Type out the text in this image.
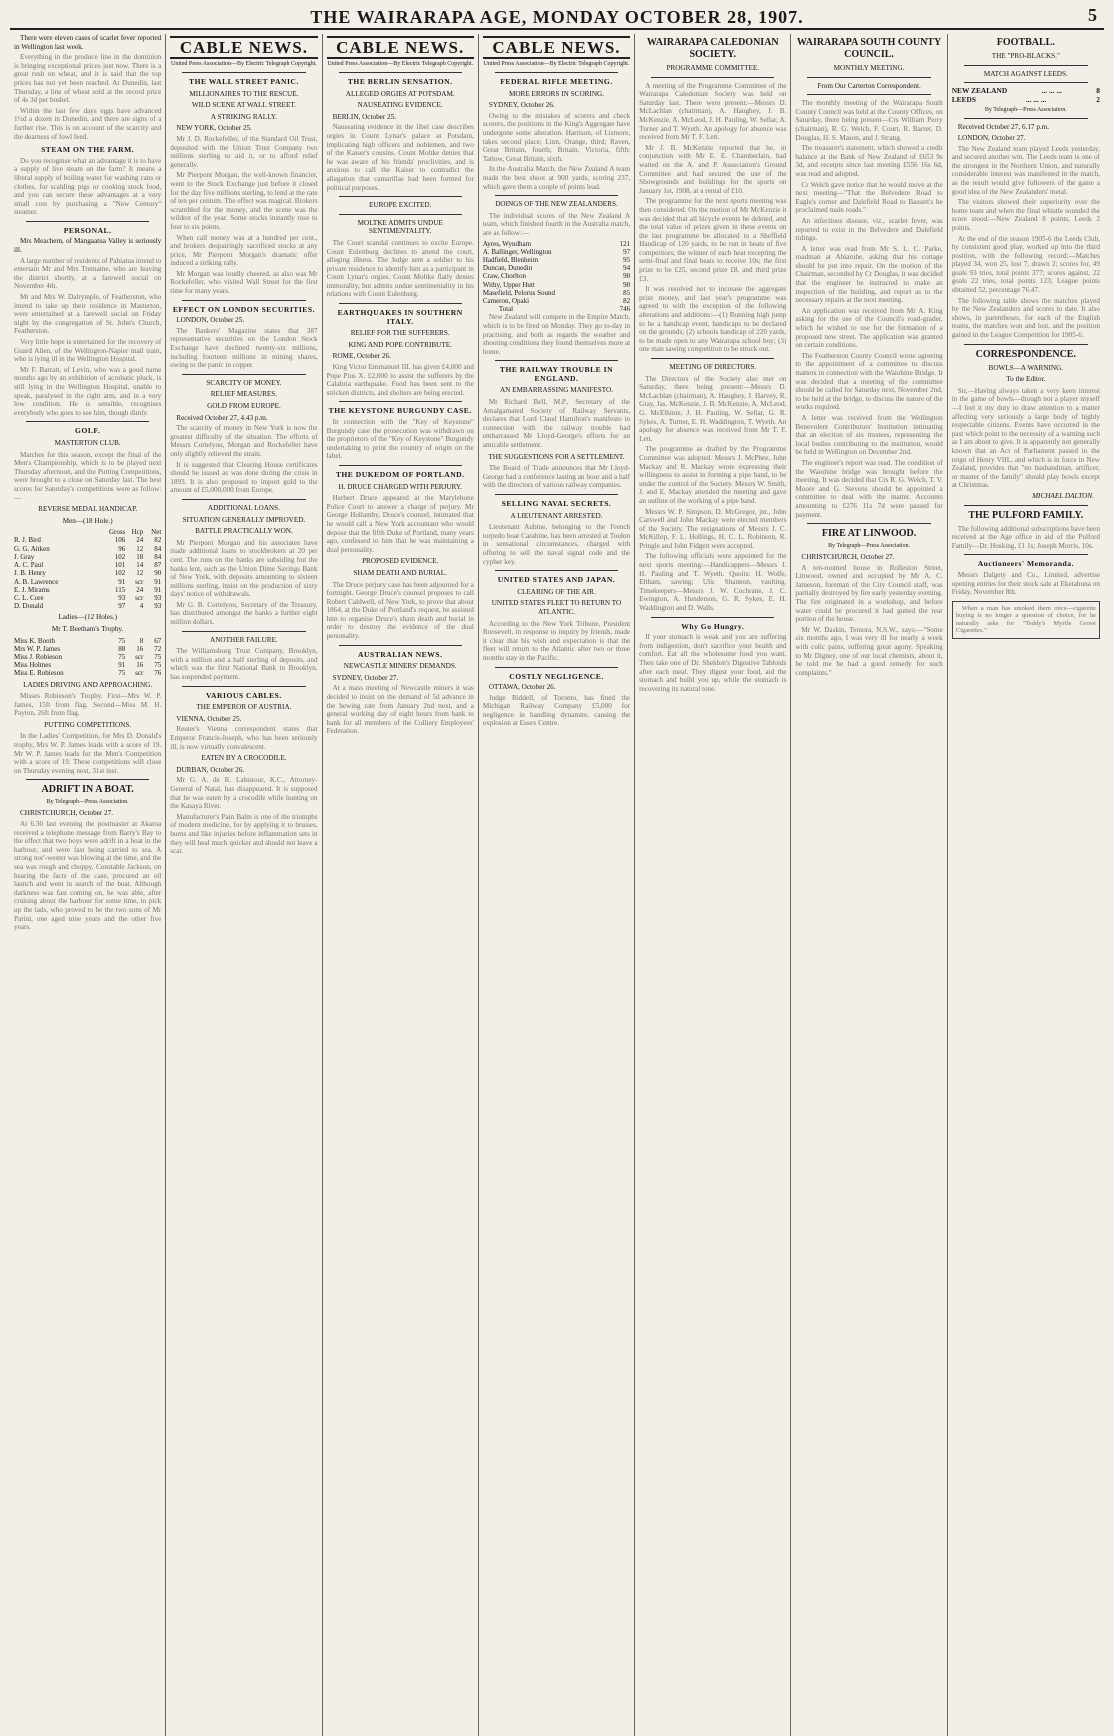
THE WAIRARAPA AGE, MONDAY OCTOBER 28, 1907.	5

There were eleven cases of scarlet fever reported in Wellington last week.

Everything in the produce line in the dominion is bringing exceptional prices just now. There is a great rush on wheat, and it is said that the top prices has not yet been reached. At Dunedin, last Thursday, a line of wheat sold at the record price of 4s 3d per bushel.

Within the last few days eggs have advanced 1½d a dozen in Dunedin, and there are signs of a further rise. This is on account of the scarcity and the dearness of fowl feed.

STEAM ON THE FARM.

Do you recognise what an advantage it is to have a supply of live steam on the farm? It means a liberal supply of boiling water for washing cans or clothes, for scalding pigs or cooking stock food, and you can secure these advantages at a very small cost by purchasing a "New Century" steamer.

PERSONAL.

Mrs Meachem, of Mangaatua Valley is seriously ill.

A large number of residents of Pahiatua intend to entertain Mr and Mrs Tremaine, who are leaving the district shortly, at a farewell social on November 4th.

Mr and Mrs W. Dalrymple, of Featherston, who intend to take up their residence in Masterton, were entertained at a farewell social on Friday night by the congregation of St. John's Church, Featherston.

Very little hope is entertained for the recovery of Guard Allen, of the Wellington-Napier mail train, who is lying ill in the Wellington Hospital.

Mr F. Barratt, of Levin, who was a good name months ago by an exhibition of acrobatic pluck, is still lying in the Wellington Hospital, unable to speak, paralysed in the right arm, and in a very low condition. He is sensible, recognises everybody who goes to see him, though dimly.

GOLF.
MASTERTON CLUB.

Matches for this season, except the final of the Men's Championship, which is to be played next Thursday afternoon, and the Putting Competitions, were brought to a close on Saturday last. The best scores for Saturday's competitions were as follow:—

REVERSE MEDAL HANDICAP.
Men—(18 Hole.)
	Gross	Hcp	Net
R. J. Bird	106	24	82
G. G. Aitken	96	12	84
J. Gray	102	18	84
A. C. Paul	101	14	87
J. B. Henry	102	12	90
A. B. Lawrence	91	scr	91
E. J. Mirams	115	24	91
C. L. Core	93	scr	93
D. Donald	97	4	93
Ladies—(12 Holes.)
Mr T. Beetham's Trophy.
Miss K. Booth	75	8	67
Mrs W. P. James	88	16	72
Miss J. Robieson	75	scr	75
Miss Holmes	91	16	75
Miss E. Robieson	75	scr	76
LADIES DRIVING AND APPROACHING.

Misses Robieson's Trophy. First—Mrs W. P. James, 15ft from flag. Second—Miss M. H. Payton, 26ft from flag.

PUTTING COMPETITIONS.

In the Ladies' Competition, for Mrs D. Donald's trophy, Mrs W. P. James leads with a score of 19. Mr W. P. James leads for the Men's Competition with a score of 19. These competitions will close on Thursday evening next, 31st inst.

ADRIFT IN A BOAT.
By Telegraph—Press Association.

CHRISTCHURCH, October 27.

At 6.30 last evening the postmaster at Akaroa received a telephone message from Barry's Bay to the effect that two boys were adrift in a boat in the harbour, and were fast being carried to sea. A strong nor'-wester was blowing at the time, and the sea was rough and choppy. Constable Jackson, on hearing the facts of the case, procured an oil launch and went in search of the boat. Although darkness was fast coming on, he was able, after cruising about the harbour for some time, to pick up the lads, who proved to be the two sons of Mr Parini, one aged nine years and the other five years.

CABLE NEWS.
United Press Association—By Electric Telegraph Copyright.
THE WALL STREET PANIC.
MILLIONAIRES TO THE RESCUE.
WILD SCENE AT WALL STREET.
A STRIKING RALLY.

NEW YORK, October 25.

Mr J. D. Rockefeller, of the Standard Oil Trust, deposited with the Union Trust Company two millions sterling to aid it, or to afford relief generally.

Mr Pierpont Morgan, the well-known financier, went to the Stock Exchange just before it closed for the day five millions sterling, to lend at the rate of ten per centum. The effect was magical. Brokers scrambled for the money, and the scene was the wildest of the year. Some stocks instantly rose to four to six points.

When call money was at a hundred per cent., and brokers despairingly sacrificed stocks at any price, Mr Pierpont Morgan's dramatic offer induced a striking rally.

Mr Morgan was loudly cheered, as also was Mr Rockefeller, who visited Wall Street for the first time for many years.

EFFECT ON LONDON SECURITIES.

LONDON, October 25.

The Bankers' Magazine states that 387 representative securities on the London Stock Exchange have declined twenty-six millions, including fourteen millions in mining shares, owing to the panic in copper.

SCARCITY OF MONEY.
RELIEF MEASURES.
GOLD FROM EUROPE.

Received October 27, 4.43 p.m.

The scarcity of money in New York is now the greatest difficulty of the situation. The efforts of Messrs Cortelyou, Morgan and Rockefeller have only slightly relieved the strain.

It is suggested that Clearing House certificates should be issued as was done during the crisis in 1893. It is also proposed to import gold to the amount of £5,000,000 from Europe.

ADDITIONAL LOANS.
SITUATION GENERALLY IMPROVED.
BATTLE PRACTICALLY WON.

Mr Pierpont Morgan and his associates have made additional loans to stockbrokers at 20 per cent. The runs on the banks are subsiding but the banks lent, such as the Union Dime Savings Bank of New York, with deposits amounting to sixteen millions sterling, insist on the production of sixty days' notice of withdrawals.

Mr G. B. Cortelyou, Secretary of the Treasury, has distributed amongst the banks a further eight million dollars.

ANOTHER FAILURE.

The Williamsburg Trust Company, Brooklyn, with a million and a half sterling of deposits, and which was the first National Bank in Brooklyn, has suspended payment.

VARIOUS CABLES.
THE EMPEROR OF AUSTRIA.

VIENNA, October 25.

Reuter's Vienna correspondent states that Emperor Francis-Joseph, who has been seriously ill, is now virtually convalescent.

EATEN BY A CROCODILE.

DURBAN, October 26.

Mr G. A. de R. Labistour, K.C., Attorney-General of Natal, has disappeared. It is supposed that he was eaten by a crocodile while hunting on the Kasaya River.

Manufacturer's Pain Balm is one of the triumphs of modern medicine, for by applying it to bruises, burns and like injuries before inflammation sets in they will heal much quicker and should not leave a scar.

CABLE NEWS.
United Press Association—By Electric Telegraph Copyright.
THE BERLIN SENSATION.
ALLEGED ORGIES AT POTSDAM.
NAUSEATING EVIDENCE.

BERLIN, October 25.

Nauseating evidence in the libel case describes orgies in Count Lynar's palace at Potsdam, implicating high officers and noblemen, and two of the Kaiser's cousins. Count Moltke denies that he was aware of his friends' proclivities, and is anxious to call the Kaiser to contradict the allegation that camarillas had been formed for political purposes.

EUROPE EXCITED.
MOLTKE ADMITS UNDUE SENTIMENTALITY.

The Court scandal continues to excite Europe. Count Eulenburg declines to attend the court, alleging illness. The Judge sent a soldier to his private residence to identify him as a participant in Count Lynar's orgies. Count Moltke flatly denies immorality, but admits undue sentimentality in his relations with Count Eulenburg.

EARTHQUAKES IN SOUTHERN ITALY.
RELIEF FOR THE SUFFERERS.
KING AND POPE CONTRIBUTE.

ROME, October 26.

King Victor Emmanuel III. has given £4,000 and Pope Pius X. £2,000 to assist the sufferers by the Calabria earthquake. Food has been sent to the stricken districts, and shelters are being erected.

THE KEYSTONE BURGUNDY CASE.

In connection with the "Key of Keystone" Burgundy case the prosecution was withdrawn on the proprietors of the "Key of Keystone" Burgundy undertaking to print the country of origin on the label.

THE DUKEDOM OF PORTLAND.
H. DRUCE CHARGED WITH PERJURY.

Herbert Druce appeared at the Marylebone Police Court to answer a charge of perjury. Mr George Hollamby, Druce's counsel, intimated that he would call a New York accountant who would depose that the fifth Duke of Portland, many years ago, confessed to him that he was maintaining a dual personality.

PROPOSED EVIDENCE.
SHAM DEATH AND BURIAL.

The Druce perjury case has been adjourned for a fortnight. George Druce's counsel proposes to call Robert Caldwell, of New York, to prove that about 1864, at the Duke of Portland's request, he assisted him to organise Druce's sham death and burial in order to destroy the evidence of the dual personality.

AUSTRALIAN NEWS.
NEWCASTLE MINERS' DEMANDS.

SYDNEY, October 27.

At a mass meeting of Newcastle miners it was decided to insist on the demand of 5d advance in the hewing rate from January 2nd next, and a general working day of eight hours from bank to bank for all members of the Colliery Employees' Federation.

CABLE NEWS.
United Press Association—By Electric Telegraph Copyright.
FEDERAL RIFLE MEETING.
MORE ERRORS IN SCORING.

SYDNEY, October 26.

Owing to the mistakes of scorers and check scorers, the positions in the King's Aggregate have undergone some alteration. Harrison, of Lismore, takes second place; Linn, Orange, third; Raven, Great Britain, fourth; Britain, Victoria, fifth; Tatlow, Great Britain, sixth.

In the Australia Match, the New Zealand A team made the best shoot at 900 yards, scoring 237, which gave them a couple of points lead.

DOINGS OF THE NEW ZEALANDERS.

The individual scores of the New Zealand A team, which finished fourth in the Australia match, are as follow:—

Ayres, Wyndham	121
A. Ballinger, Wellington	97
Hadfield, Blenheim	95
Duncan, Dunedin	94
Craw, Chorlton	90
Withy, Upper Hutt	90
Masefield, Pelorus Sound	85
Cameron, Opaki	82
Total	746

New Zealand will compete in the Empire Match, which is to be fired on Monday. They go to-day in practising, and both as regards the weather and shooting conditions they found themselves more at home.

THE RAILWAY TROUBLE IN ENGLAND.
AN EMBARRASSING MANIFESTO.

Mr Richard Bell, M.P., Secretary of the Amalgamated Society of Railway Servants, declares that Lord Claud Hamilton's manifesto in connection with the railway trouble had embarrassed Mr Lloyd-George's efforts for an amicable settlement.

THE SUGGESTIONS FOR A SETTLEMENT.

The Board of Trade announces that Mr Lloyd-George had a conference lasting an hour and a half with the directors of various railway companies.

SELLING NAVAL SECRETS.
A LIEUTENANT ARRESTED.

Lieutenant Aubine, belonging to the French torpedo boat Carabine, has been arrested at Toulon in sensational circumstances, charged with offering to sell the naval signal code and the cypher key.

UNITED STATES AND JAPAN.
CLEARING OF THE AIR.
UNITED STATES FLEET TO RETURN TO ATLANTIC.

According to the New York Tribune, President Roosevelt, in response to inquiry by friends, made it clear that his wish and expectation is that the fleet will return to the Atlantic after two or three months stay in the Pacific.

COSTLY NEGLIGENCE.

OTTAWA, October 26.

Judge Riddell, of Toronto, has fined the Michigan Railway Company £5,000 for negligence in handling dynamite, causing the explosion at Essex Centre.

WAIRARAPA CALEDONIAN SOCIETY.
PROGRAMME COMMITTEE.

A meeting of the Programme Committee of the Wairarapa Caledonian Society was held on Saturday last. There were present:—Messrs D. McLachlan (chairman), A. Haughey, J. B. McKenzie, A. McLeod, J. H. Pauling, W. Sellar, A. Turner and T. Wyeth. An apology for absence was received from Mr T. F. Lett.

Mr J. B. McKenzie reported that he, in conjunction with Mr E. E. Chamberlain, had waited on the A. and P. Association's Ground Committee and had secured the use of the Showgrounds and buildings for the sports on January 1st, 1908, at a rental of £10.

The programme for the next sports meeting was then considered. On the motion of Mr McKenzie it was decided that all bicycle events be deleted, and the total value of prizes given in these events on the last programme be allocated to a Sheffield Handicap of 120 yards, to be run in heats of five competitors; the winner of each heat excepting the semi-final and final heats to receive 10s; the first prize to be £25, second prize £8, and third prize £3.

It was resolved not to increase the aggregate prize money, and last year's programme was agreed to with the exception of the following alterations and additions:—(1) Running high jump to be a handicap event, handicaps to be declared on the grounds; (2) schools handicap of 220 yards, to be made open to any Wairarapa school boy; (3) one man sawing competition to be struck out.

MEETING OF DIRECTORS.

The Directors of the Society also met on Saturday, there being present:—Messrs D. McLachlan (chairman), A. Haughey, J. Harvey, R. Gray, Jas. McKenzie, J. B. McKenzie, A. McLeod, G. McElhinie, J. H. Pauling, W. Sellar, G. R. Sykes, A. Turner, E. H. Waddington, T. Wyeth. An apology for absence was received from Mr T. F. Lett.

The programme as drafted by the Programme Committee was adopted. Messrs J. McPhee, John Mackay and R. Mackay wrote expressing their willingness to assist in forming a pipe band, to be under the control of the Society. Messrs W. Smith, J. and E. Mackay attended the meeting and gave an outline of the working of a pipe band.

Messrs W. P. Simpson, D. McGregor, jnr., John Carswell and John Mackay were elected members of the Society. The resignations of Messrs J. C. McKillop, F. L. Hollings, H. C. L. Robinson, R. Pringle and John Fidgett were accepted.

The following officials were appointed for the next sports meeting:—Handicappers—Messrs J. H. Pauling and T. Wyeth. Quoits: H. Wolfe, Eltham, sawing; Ulic Shannon, vaulting. Timekeepers—Messrs J. W. Cochrane, J. C. Ewington, A. Henderson, G. R. Sykes, E. H. Waddington and D. Walls.

Why Go Hungry.

If your stomach is weak and you are suffering from indigestion, don't sacrifice your health and comfort. Eat all the wholesome food you want. Then take one of Dr. Sheldon's Digestive Tabloids after each meal. They digest your food, aid the stomach and build you up, while the stomach is recovering its natural tone.

WAIRARAPA SOUTH COUNTY COUNCIL.
MONTHLY MEETING.
From Our Carterton Correspondent.

The monthly meeting of the Wairarapa South County Council was held at the County Offices, on Saturday, there being present—Crs William Perry (chairman), R. G. Welch, F. Court, R. Barrer, D. Douglas, H. S. Mason, and J. Strang.

The treasurer's statement, which showed a credit balance at the Bank of New Zealand of £653 9s 3d, and receipts since last meeting £556 16s 6d, was read and adopted.

Cr Welch gave notice that he would move at the next meeting—"That the Belvedere Road to Eagle's corner and Dalefield Road to Bassett's be proclaimed main roads."

An infectious disease, viz., scarlet fever, was reported to exist in the Belvedere and Dalefield ridings.

A letter was read from Mr S. L. C. Parke, roadman at Ahiaruhe, asking that his cottage should be put into repair. On the motion of the Chairman, seconded by Cr Douglas, it was decided that the engineer be instructed to make an inspection of the building, and report as to the necessary repairs at the next meeting.

An application was received from Mr A. King asking for the use of the Council's road-grader, which he wished to use for the formation of a proposed new street. The application was granted on certain conditions.

The Featherston County Council wrote agreeing to the appointment of a committee to discuss matters in connection with the Waiohine Bridge. It was decided that a meeting of the committee should be called for Saturday next, November 2nd, to be held at the bridge, to discuss the nature of the works required.

A letter was received from the Wellington Benevolent Contributors' Institution intimating that an election of six trustees, representing the local bodies contributing to the institution, would be held in Wellington on December 2nd.

The engineer's report was read. The condition of the Waiohine bridge was brought before the meeting. It was decided that Crs R. G. Welch, T. V. Moore and G. Stevens should be appointed a committee to deal with the matter. Accounts amounting to £276 11s 7d were passed for payment.

FIRE AT LINWOOD.
By Telegraph—Press Association.

CHRISTCHURCH, October 27.

A ten-roomed house in Rolleston Street, Linwood, owned and occupied by Mr A. C. Jameson, foreman of the City Council staff, was partially destroyed by fire early yesterday evening. The fire originated in a workshop, and before water could be procured it had gutted the rear portion of the house.

Mr W. Daskin, Temora, N.S.W., says:—"Some six months ago, I was very ill for nearly a week with colic pains, suffering great agony. Speaking to Mr Digney, one of our local chemists, about it, he told me he had a good remedy for such complaints."

FOOTBALL.
THE "PRO-BLACKS."
MATCH AGAINST LEEDS.
NEW ZEALAND	... ... ...	8
LEEDS	... ... ...	2
By Telegraph—Press Association.

Received October 27, 6.17 p.m.

LONDON, October 27.

The New Zealand team played Leeds yesterday, and secured another win. The Leeds team is one of the strongest in the Northern Union, and naturally considerable interest was manifested in the match, as the result would give followers of the game a good idea of the New Zealanders' metal.

The visitors showed their superiority over the home team and when the final whistle sounded the score stood:—New Zealand 8 points, Leeds 2 points.

At the end of the season 1905-6 the Leeds Club, by consistent good play, worked up into the third position, with the following record:—Matches played 34, won 25, lost 7, drawn 2; scores for, 49 goals 93 tries, total points 377; scores against, 22 goals 22 tries, total points 123; League points obtained 52, percentage 76.47.

The following table shows the matches played by the New Zealanders and scores to date. It also shows, in parentheses, for each of the English teams, the matches won and lost, and the position gained in the League Competition for 1905-6.

CORRESPONDENCE.
BOWLS—A WARNING.
To the Editor.

Sir,—Having always taken a very keen interest in the game of bowls—though not a player myself—I feel it my duty to draw attention to a matter affecting very seriously a large body of highly respectable citizens. Events have occurred in the past which point to the necessity of a warning such as I am about to give. It is apparently not generally known that an Act of Parliament passed in the reign of Henry VIII., and which is in force in New Zealand, provides that "no husbandman, artificer, or master of the family" should play bowls except at Christmas.

MICHAEL DALTON.
THE PULFORD FAMILY.

The following additional subscriptions have been received at the Age office in aid of the Pulford Family—Dr. Hosking, £1 1s; Joseph Morris, 10s.

Auctioneers' Memoranda.

Messrs Dalgety and Co., Limited, advertise opening entries for their stock sale at Eketahuna on Friday, November 8th.

When a man has smoked them once—cigarette buying is no longer a question of choice, for he naturally asks for "Teddy's Myrtle Grove Cigarettes."
